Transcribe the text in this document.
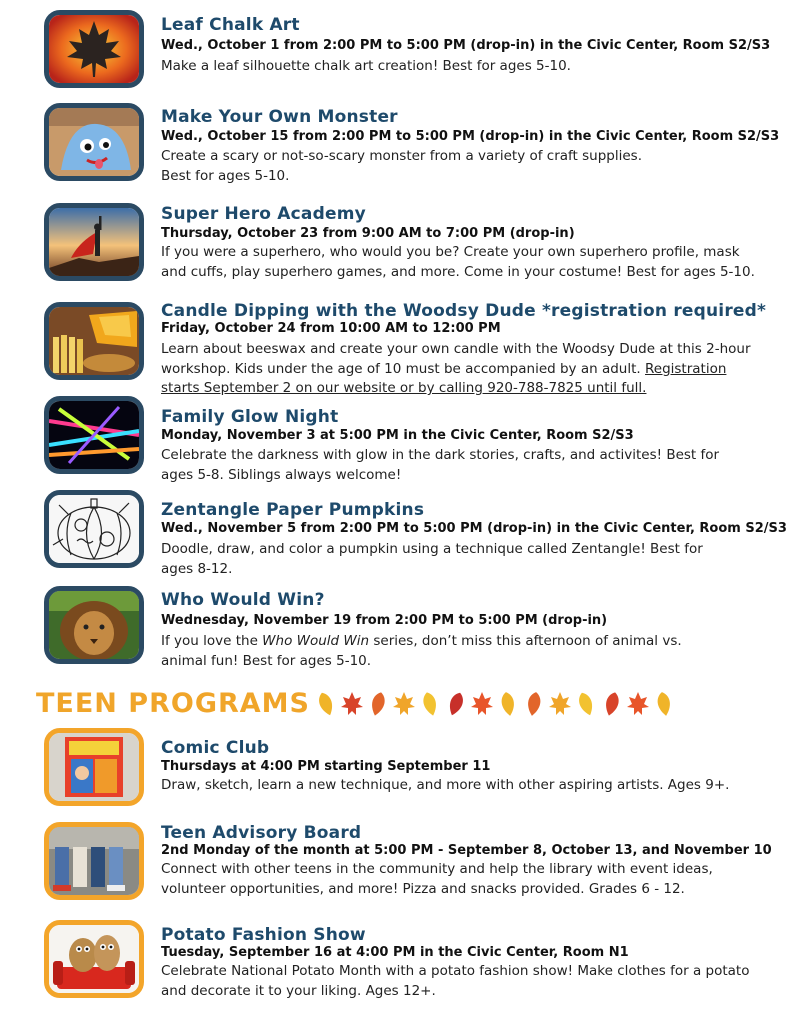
Leaf Chalk Art
Wed., October 1 from 2:00 PM to 5:00 PM (drop-in) in the Civic Center, Room S2/S3

Make a leaf silhouette chalk art creation! Best for ages 5-10.

Make Your Own Monster
Wed., October 15 from 2:00 PM to 5:00 PM (drop-in) in the Civic Center, Room S2/S3

Create a scary or not-so-scary monster from a variety of craft supplies.

Best for ages 5-10.

Super Hero Academy
Thursday, October 23 from 9:00 AM to 7:00 PM (drop-in)

If you were a superhero, who would you be? Create your own superhero profile, mask

and cuffs, play superhero games, and more. Come in your costume! Best for ages 5-10.

Candle Dipping with the Woodsy Dude *registration required*
Friday, October 24 from 10:00 AM to 12:00 PM

Learn about beeswax and create your own candle with the Woodsy Dude at this 2-hour

workshop. Kids under the age of 10 must be accompanied by an adult. Registration

starts September 2 on our website or by calling 920-788-7825 until full.

Family Glow Night
Monday, November 3 at 5:00 PM in the Civic Center, Room S2/S3

Celebrate the darkness with glow in the dark stories, crafts, and activites! Best for

ages 5-8. Siblings always welcome!

Zentangle Paper Pumpkins
Wed., November 5 from 2:00 PM to 5:00 PM (drop-in) in the Civic Center, Room S2/S3

Doodle, draw, and color a pumpkin using a technique called Zentangle! Best for

ages 8-12.

Who Would Win?
Wednesday, November 19 from 2:00 PM to 5:00 PM (drop-in)

If you love the Who Would Win series, don’t miss this afternoon of animal vs.

animal fun! Best for ages 5-10.

TEEN PROGRAMS
Comic Club
Thursdays at 4:00 PM starting September 11

Draw, sketch, learn a new technique, and more with other aspiring artists. Ages 9+.

Teen Advisory Board
2nd Monday of the month at 5:00 PM - September 8, October 13, and November 10

Connect with other teens in the community and help the library with event ideas,

volunteer opportunities, and more! Pizza and snacks provided. Grades 6 - 12.

Potato Fashion Show
Tuesday, September 16 at 4:00 PM in the Civic Center, Room N1

Celebrate National Potato Month with a potato fashion show! Make clothes for a potato

and decorate it to your liking. Ages 12+.
